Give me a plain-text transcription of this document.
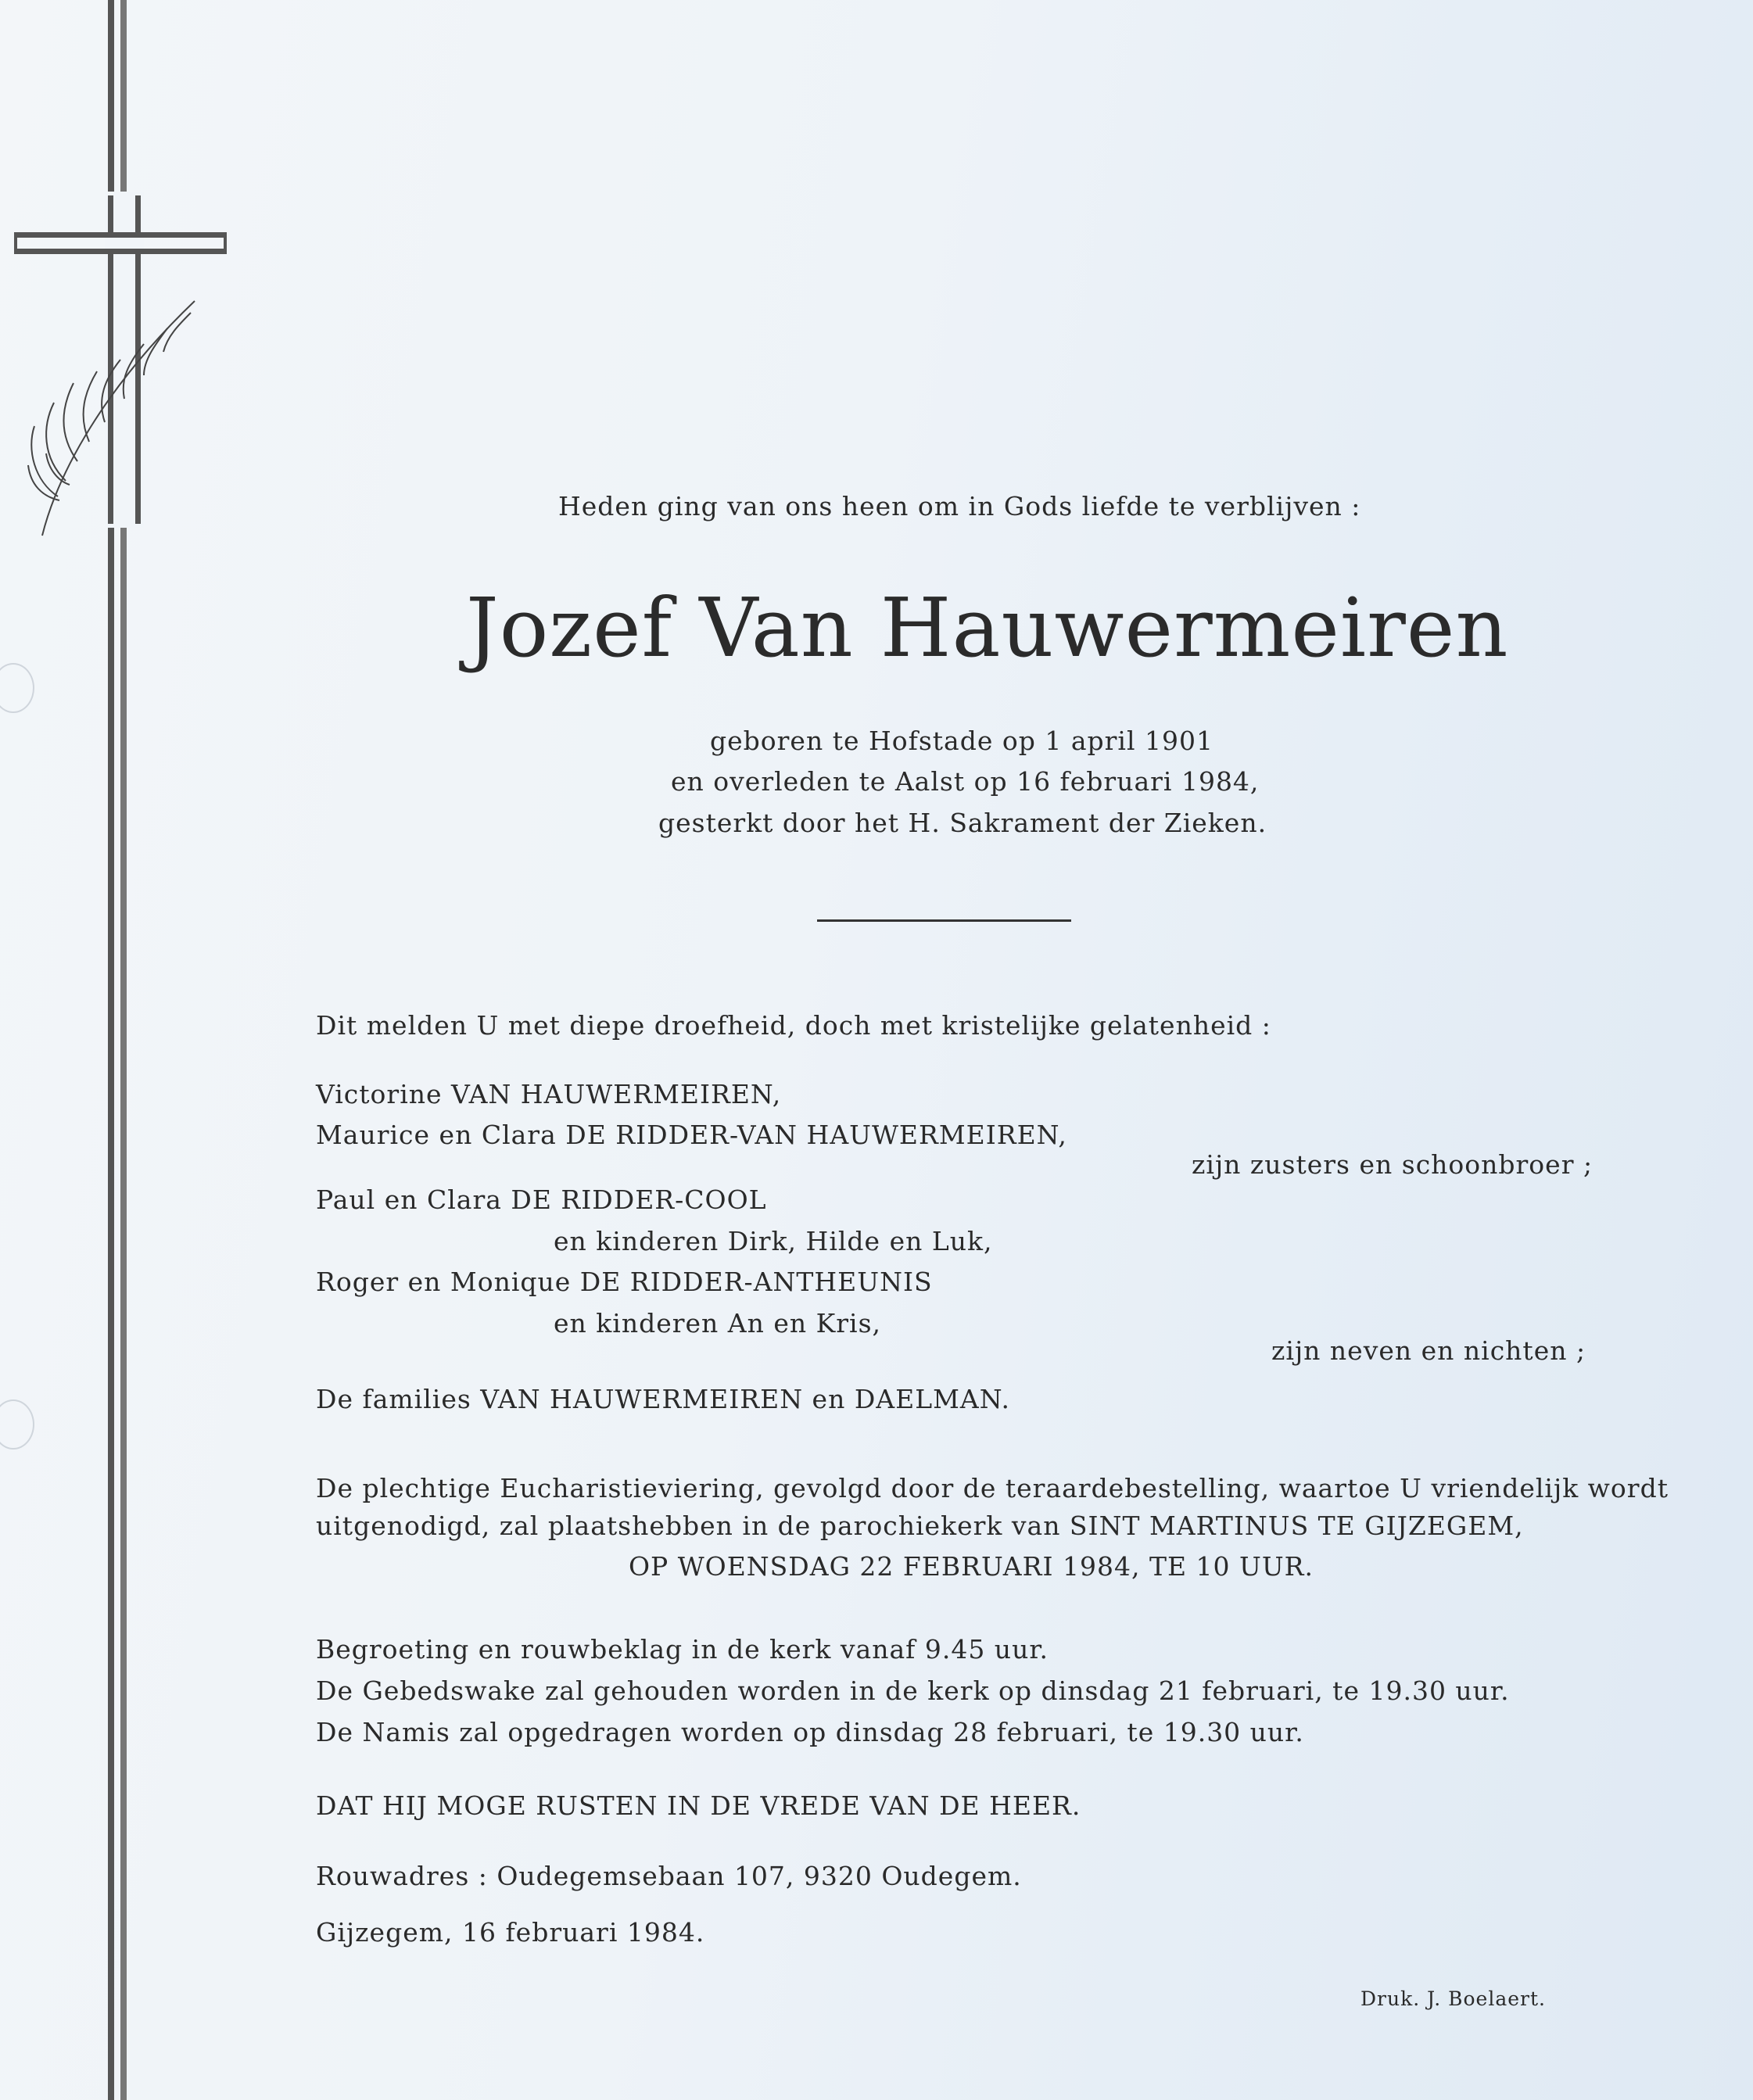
Heden ging van ons heen om in Gods liefde te verblijven :
Jozef Van Hauwermeiren
geboren te Hofstade op 1 april 1901
en overleden te Aalst op 16 februari 1984,
gesterkt door het H. Sakrament der Zieken.
Dit melden U met diepe droefheid, doch met kristelijke gelatenheid :
Victorine VAN HAUWERMEIREN,
Maurice en Clara DE RIDDER-VAN HAUWERMEIREN,
zijn zusters en schoonbroer ;
Paul en Clara DE RIDDER-COOL
en kinderen Dirk, Hilde en Luk,
Roger en Monique DE RIDDER-ANTHEUNIS
en kinderen An en Kris,
zijn neven en nichten ;
De families VAN HAUWERMEIREN en DAELMAN.
De plechtige Eucharistieviering, gevolgd door de teraardebestelling, waartoe U vriendelijk wordt
uitgenodigd, zal plaatshebben in de parochiekerk van SINT MARTINUS TE GIJZEGEM,
OP WOENSDAG 22 FEBRUARI 1984, TE 10 UUR.
Begroeting en rouwbeklag in de kerk vanaf 9.45 uur.
De Gebedswake zal gehouden worden in de kerk op dinsdag 21 februari, te 19.30 uur.
De Namis zal opgedragen worden op dinsdag 28 februari, te 19.30 uur.
DAT HIJ MOGE RUSTEN IN DE VREDE VAN DE HEER.
Rouwadres : Oudegemsebaan 107, 9320 Oudegem.
Gijzegem, 16 februari 1984.
Druk. J. Boelaert.
